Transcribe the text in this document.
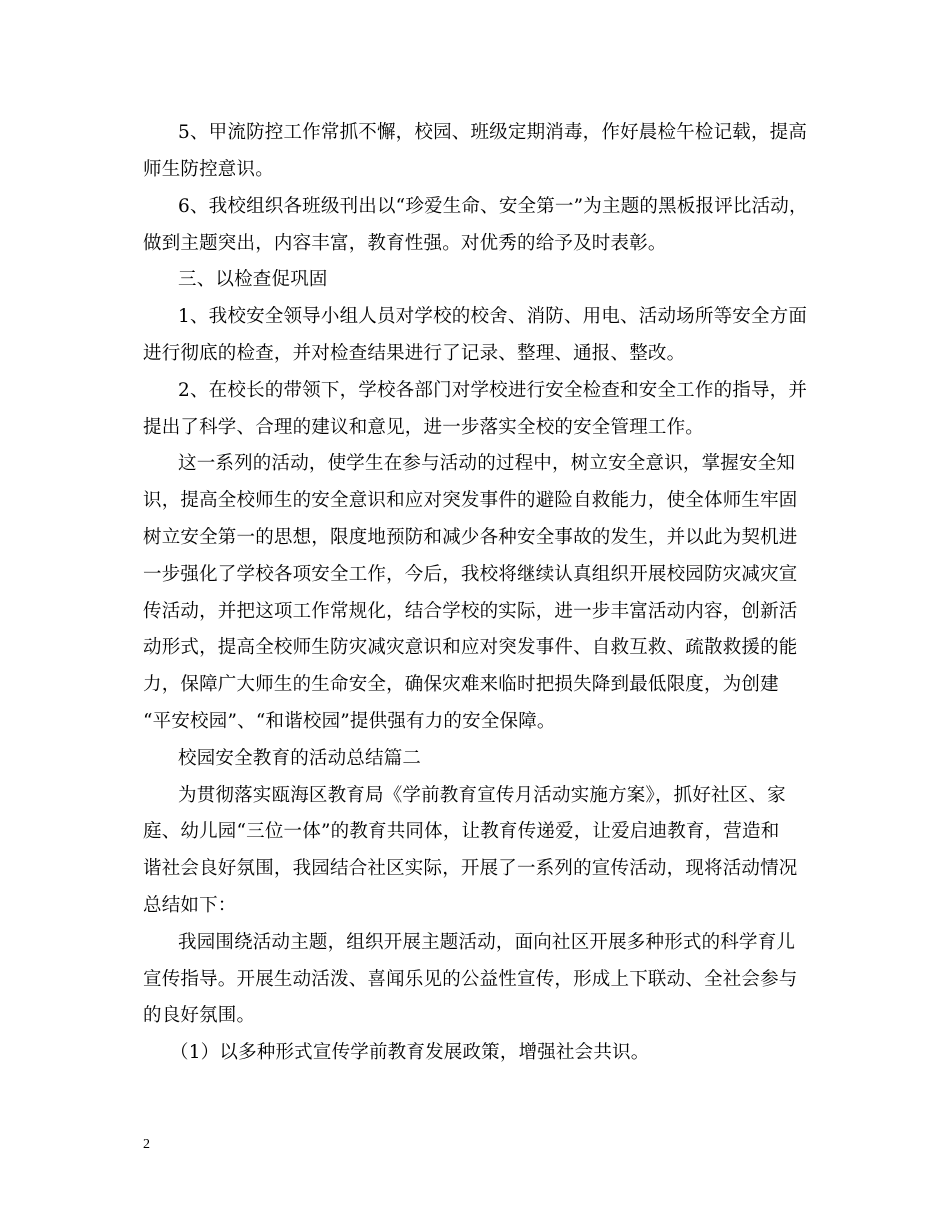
5、甲流防控工作常抓不懈，校园、班级定期消毒，作好晨检午检记载，提高
师生防控意识。
6、我校组织各班级刊出以“珍爱生命、安全第一”为主题的黑板报评比活动，
做到主题突出，内容丰富，教育性强。对优秀的给予及时表彰。
三、以检查促巩固
1、我校安全领导小组人员对学校的校舍、消防、用电、活动场所等安全方面
进行彻底的检查，并对检查结果进行了记录、整理、通报、整改。
2、在校长的带领下，学校各部门对学校进行安全检查和安全工作的指导，并
提出了科学、合理的建议和意见，进一步落实全校的安全管理工作。
这一系列的活动，使学生在参与活动的过程中，树立安全意识，掌握安全知
识，提高全校师生的安全意识和应对突发事件的避险自救能力，使全体师生牢固
树立安全第一的思想，限度地预防和减少各种安全事故的发生，并以此为契机进
一步强化了学校各项安全工作，今后，我校将继续认真组织开展校园防灾减灾宣
传活动，并把这项工作常规化，结合学校的实际，进一步丰富活动内容，创新活
动形式，提高全校师生防灾减灾意识和应对突发事件、自救互救、疏散救援的能
力，保障广大师生的生命安全，确保灾难来临时把损失降到最低限度，为创建
“平安校园”、“和谐校园”提供强有力的安全保障。
校园安全教育的活动总结篇二
为贯彻落实瓯海区教育局《学前教育宣传月活动实施方案》，抓好社区、家
庭、幼儿园“三位一体”的教育共同体，让教育传递爱，让爱启迪教育，营造和
谐社会良好氛围，我园结合社区实际，开展了一系列的宣传活动，现将活动情况
总结如下：
我园围绕活动主题，组织开展主题活动，面向社区开展多种形式的科学育儿
宣传指导。开展生动活泼、喜闻乐见的公益性宣传，形成上下联动、全社会参与
的良好氛围。
（1）以多种形式宣传学前教育发展政策，增强社会共识。
2
